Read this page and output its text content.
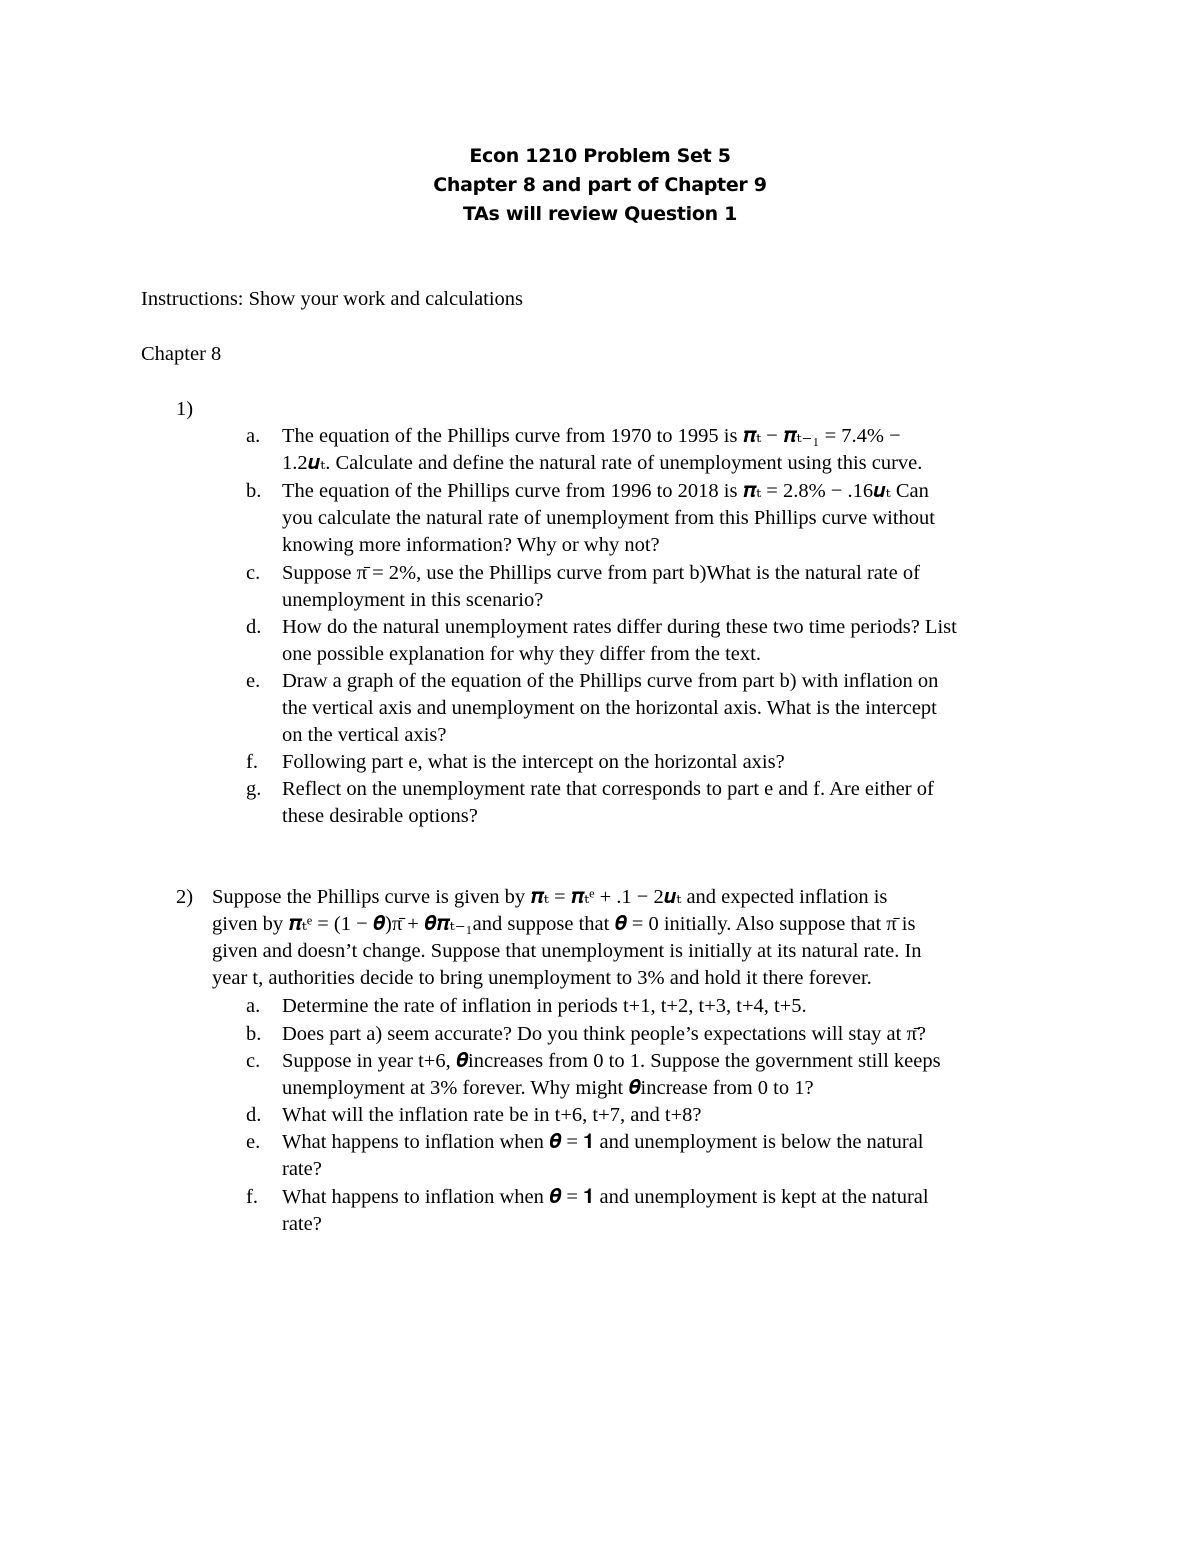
Econ 1210 Problem Set 5
Chapter 8 and part of Chapter 9
TAs will review Question 1
Instructions: Show your work and calculations
Chapter 8
1)
a.	The equation of the Phillips curve from 1970 to 1995 is 𝝅ₜ − 𝝅ₜ₋₁ = 7.4% −
1.2𝒖ₜ. Calculate and define the natural rate of unemployment using this curve.
b.	The equation of the Phillips curve from 1996 to 2018 is 𝝅ₜ = 2.8% − .16𝒖ₜ Can
you calculate the natural rate of unemployment from this Phillips curve without
knowing more information? Why or why not?
c.	Suppose π̄ = 2%, use the Phillips curve from part b)What is the natural rate of
unemployment in this scenario?
d.	How do the natural unemployment rates differ during these two time periods? List
one possible explanation for why they differ from the text.
e.	Draw a graph of the equation of the Phillips curve from part b) with inflation on
the vertical axis and unemployment on the horizontal axis. What is the intercept
on the vertical axis?
f.	Following part e, what is the intercept on the horizontal axis?
g.	Reflect on the unemployment rate that corresponds to part e and f. Are either of
these desirable options?
2) Suppose the Phillips curve is given by 𝝅ₜ = 𝝅ₜᵉ + .1 − 2𝒖ₜ and expected inflation is
given by 𝝅ₜᵉ = (1 − 𝜽)π̄ + 𝜽𝝅ₜ₋₁and suppose that 𝜽 = 0 initially. Also suppose that π̄ is
given and doesn’t change. Suppose that unemployment is initially at its natural rate. In
year t, authorities decide to bring unemployment to 3% and hold it there forever.
a.	Determine the rate of inflation in periods t+1, t+2, t+3, t+4, t+5.
b.	Does part a) seem accurate? Do you think people’s expectations will stay at π̄?
c.	Suppose in year t+6, 𝜽increases from 0 to 1. Suppose the government still keeps
unemployment at 3% forever. Why might 𝜽increase from 0 to 1?
d.	What will the inflation rate be in t+6, t+7, and t+8?
e.	What happens to inflation when 𝜽 = 𝟏 and unemployment is below the natural
rate?
f.	What happens to inflation when 𝜽 = 𝟏 and unemployment is kept at the natural
rate?
